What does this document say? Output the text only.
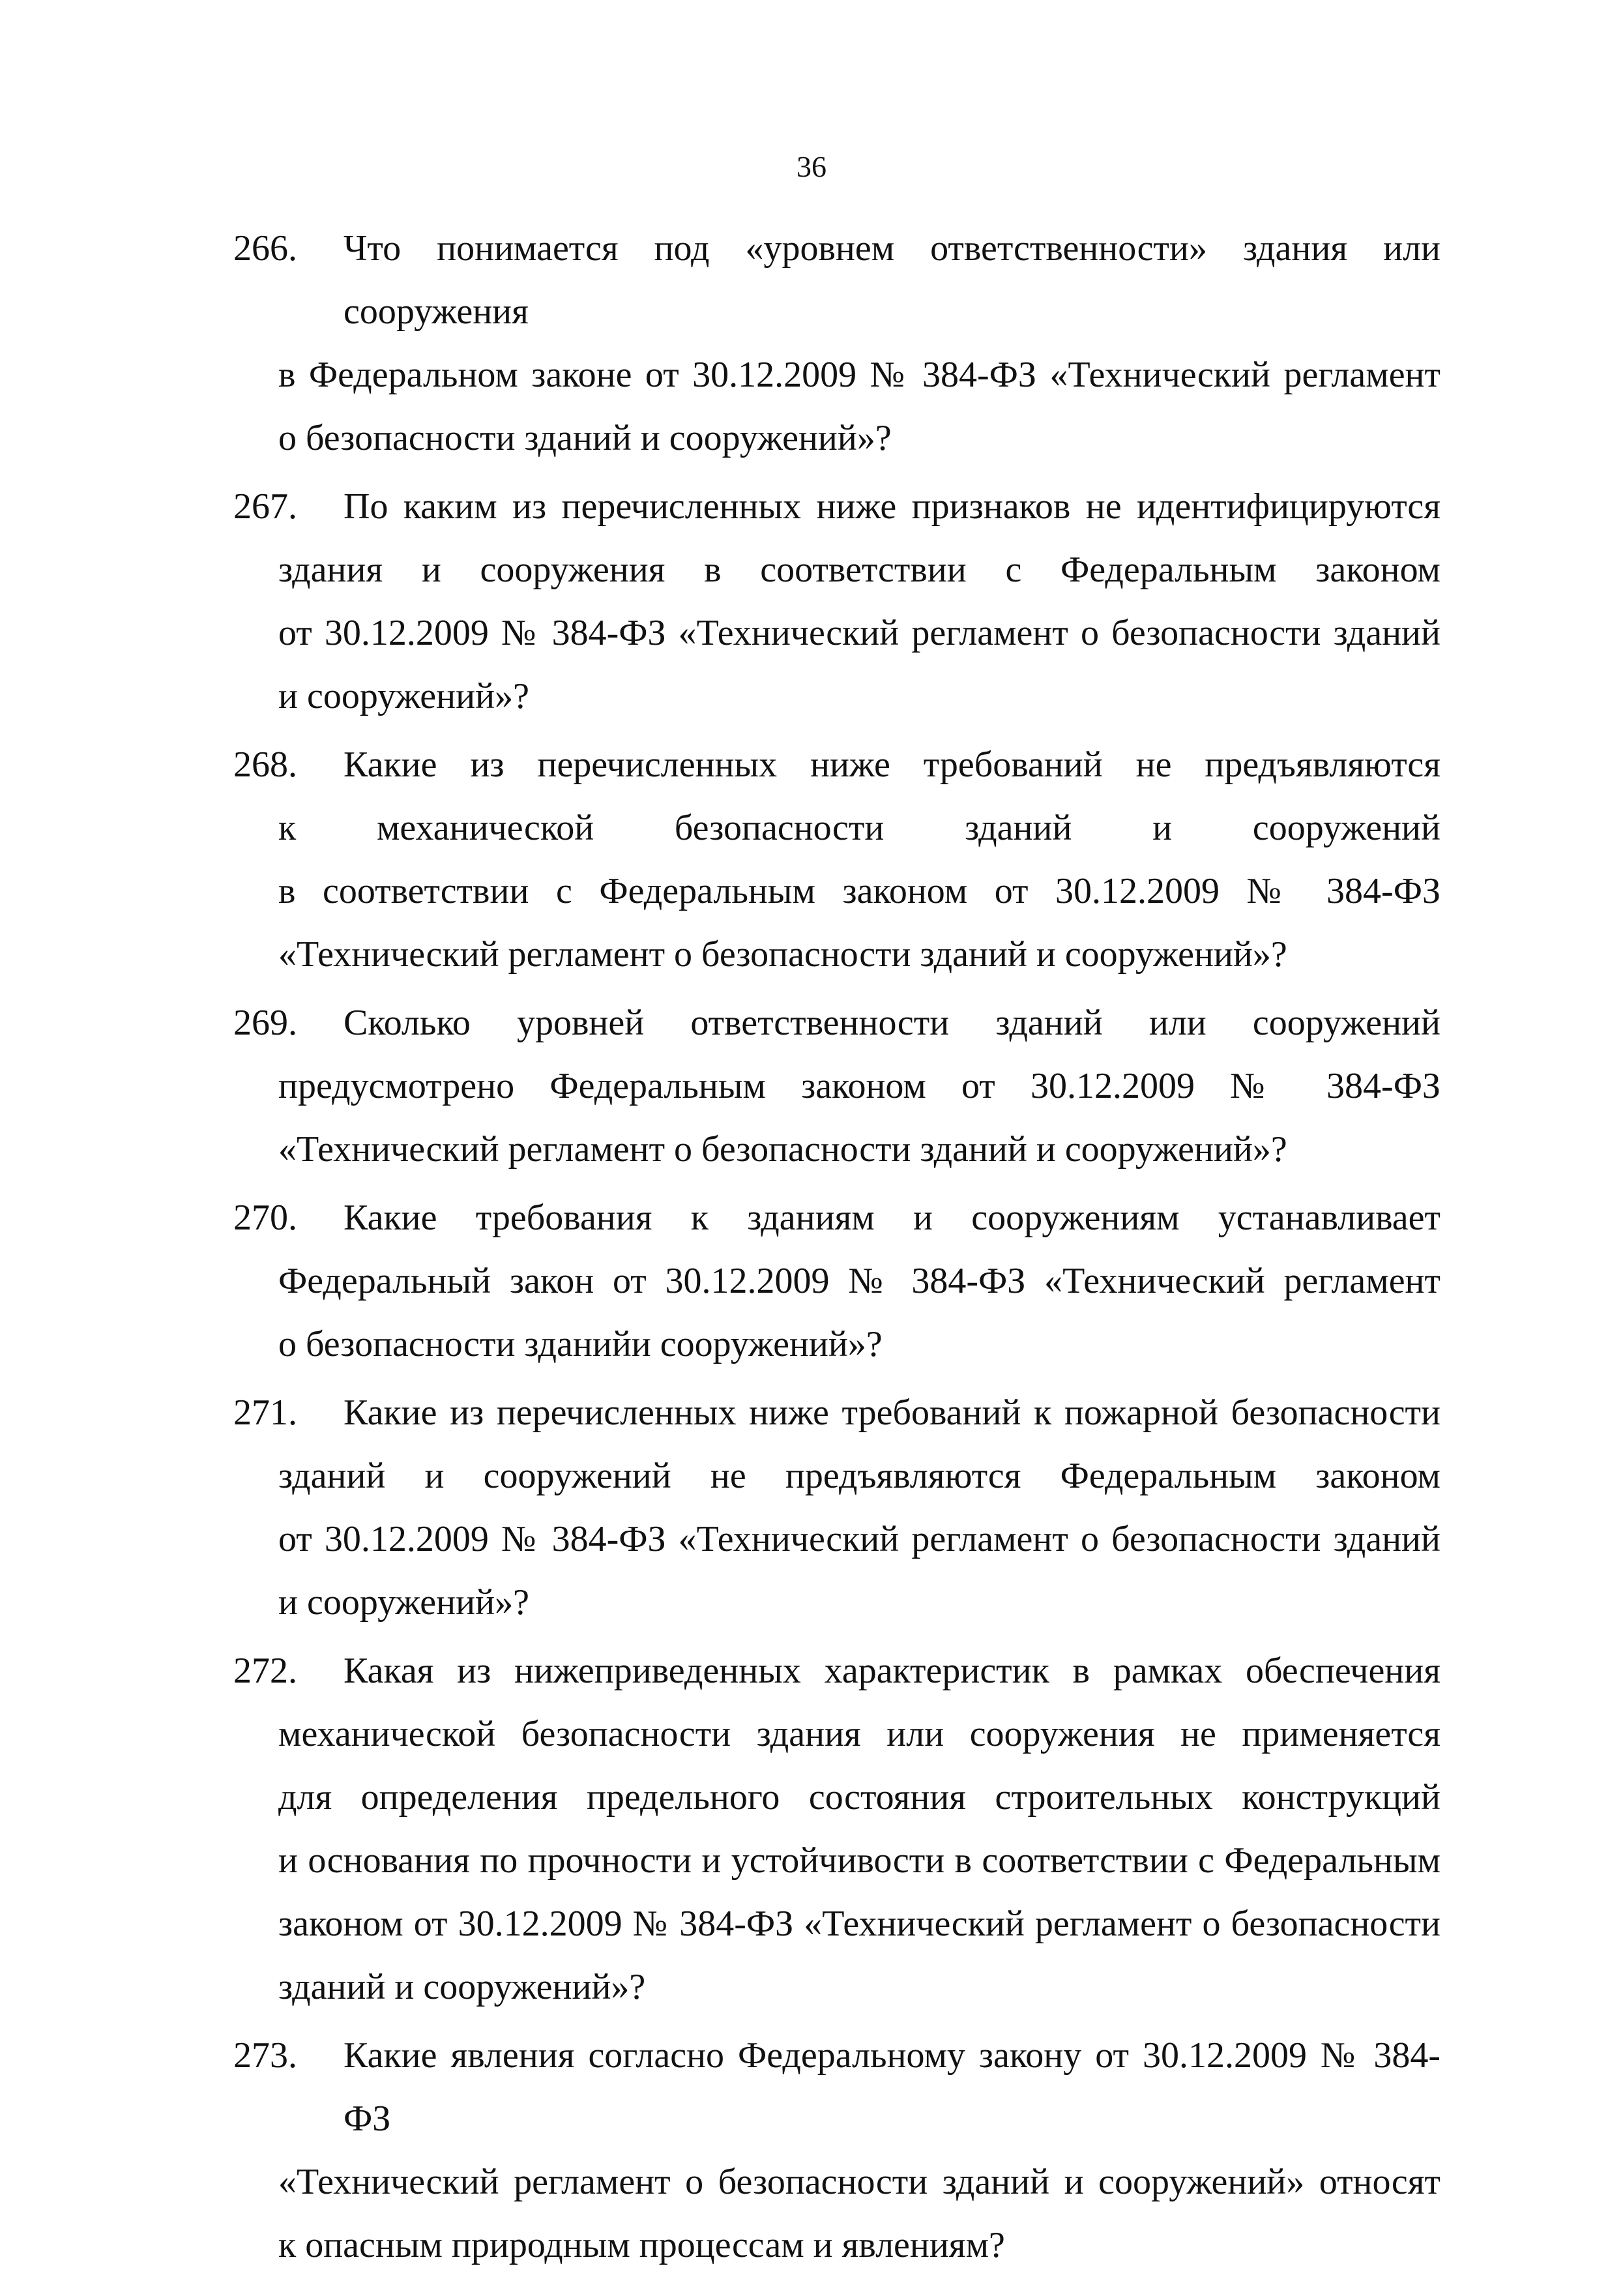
36
266. Что понимается под «уровнем ответственности» здания или сооружения
в Федеральном законе от 30.12.2009 № 384-ФЗ «Технический регламент
о безопасности зданий и сооружений»?
267. По каким из перечисленных ниже признаков не идентифицируются
здания и сооружения в соответствии с Федеральным законом
от 30.12.2009 № 384-ФЗ «Технический регламент о безопасности зданий
и сооружений»?
268. Какие из перечисленных ниже требований не предъявляются
к механической безопасности зданий и сооружений
в соответствии с Федеральным законом от 30.12.2009 № 384-ФЗ
«Технический регламент о безопасности зданий и сооружений»?
269. Сколько уровней ответственности зданий или сооружений
предусмотрено Федеральным законом от 30.12.2009 № 384-ФЗ
«Технический регламент о безопасности зданий и сооружений»?
270. Какие требования к зданиям и сооружениям устанавливает
Федеральный закон от 30.12.2009 № 384-ФЗ «Технический регламент
о безопасности зданийи сооружений»?
271. Какие из перечисленных ниже требований к пожарной безопасности
зданий и сооружений не предъявляются Федеральным законом
от 30.12.2009 № 384-ФЗ «Технический регламент о безопасности зданий
и сооружений»?
272. Какая из нижеприведенных характеристик в рамках обеспечения
механической безопасности здания или сооружения не применяется
для определения предельного состояния строительных конструкций
и основания по прочности и устойчивости в соответствии с Федеральным
законом от 30.12.2009 № 384-ФЗ «Технический регламент о безопасности
зданий и сооружений»?
273. Какие явления согласно Федеральному закону от 30.12.2009 № 384-ФЗ
«Технический регламент о безопасности зданий и сооружений» относят
к опасным природным процессам и явлениям?
